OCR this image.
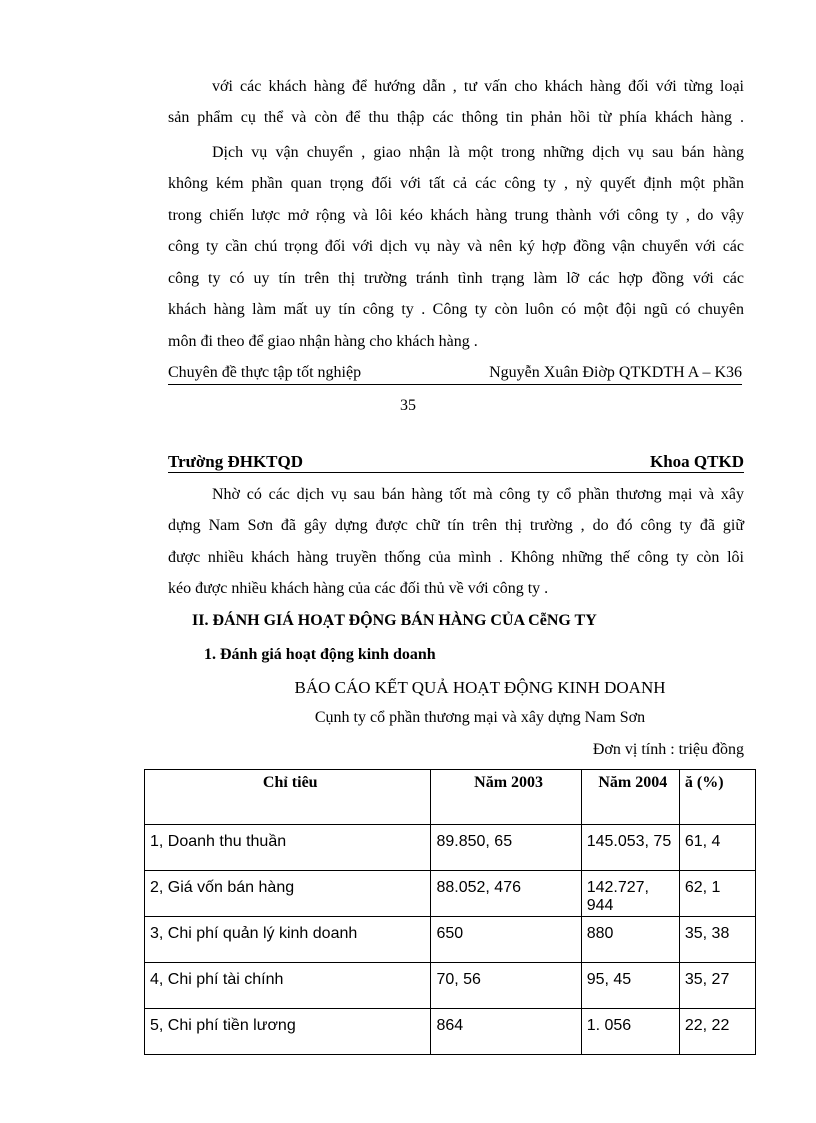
với các khách hàng để hướng dẫn , tư vấn cho khách hàng đối với từng loại
sản phẩm cụ thể và còn để thu thập các thông tin phản hồi từ phía khách hàng .
Dịch vụ vận chuyển , giao nhận là một trong những dịch vụ sau bán hàng
không kém phần quan trọng đối với tất cả các công ty , nỳ quyết định một phần
trong chiến lược mở rộng và lôi kéo khách hàng trung thành với công ty , do vậy
công ty cần chú trọng đối với dịch vụ này và nên ký hợp đồng vận chuyển với các
công ty có uy tín trên thị trường tránh tình trạng làm lỡ các hợp đồng với các
khách hàng làm mất uy tín công ty . Công ty còn luôn có một đội ngũ có chuyên
môn đi theo để giao nhận hàng cho khách hàng .
Chuyên đề thực tập tốt nghiệp	Nguyễn Xuân Điờp QTKDTH A – K36
35
Trường ĐHKTQD	Khoa QTKD
Nhờ có các dịch vụ sau bán hàng tốt mà công ty cổ phần thương mại và xây
dựng Nam Sơn đã gây dựng được chữ tín trên thị trường , do đó công ty đã giữ
được nhiều khách hàng truyền thống của mình . Không những thế công ty còn lôi
kéo được nhiều khách hàng của các đối thủ về với công ty .
II. ĐÁNH GIÁ HOẠT ĐỘNG BÁN HÀNG CỦA CễNG TY
1. Đánh giá hoạt động kinh doanh
BÁO CÁO KẾT QUẢ HOẠT ĐỘNG KINH DOANH
Cụnh ty cổ phần thương mại và xây dựng Nam Sơn
Đơn vị tính : triệu đồng
Chỉ tiêu	Năm 2003	Năm 2004	ă (%)
1, Doanh thu thuần	89.850, 65	145.053, 75	61, 4
2, Giá vốn bán hàng	88.052, 476	142.727, 944	62, 1
3, Chi phí quản lý kinh doanh	650	880	35, 38
4, Chi phí tài chính	70, 56	95, 45	35, 27
5, Chi phí tiền lương	864	1. 056	22, 22
